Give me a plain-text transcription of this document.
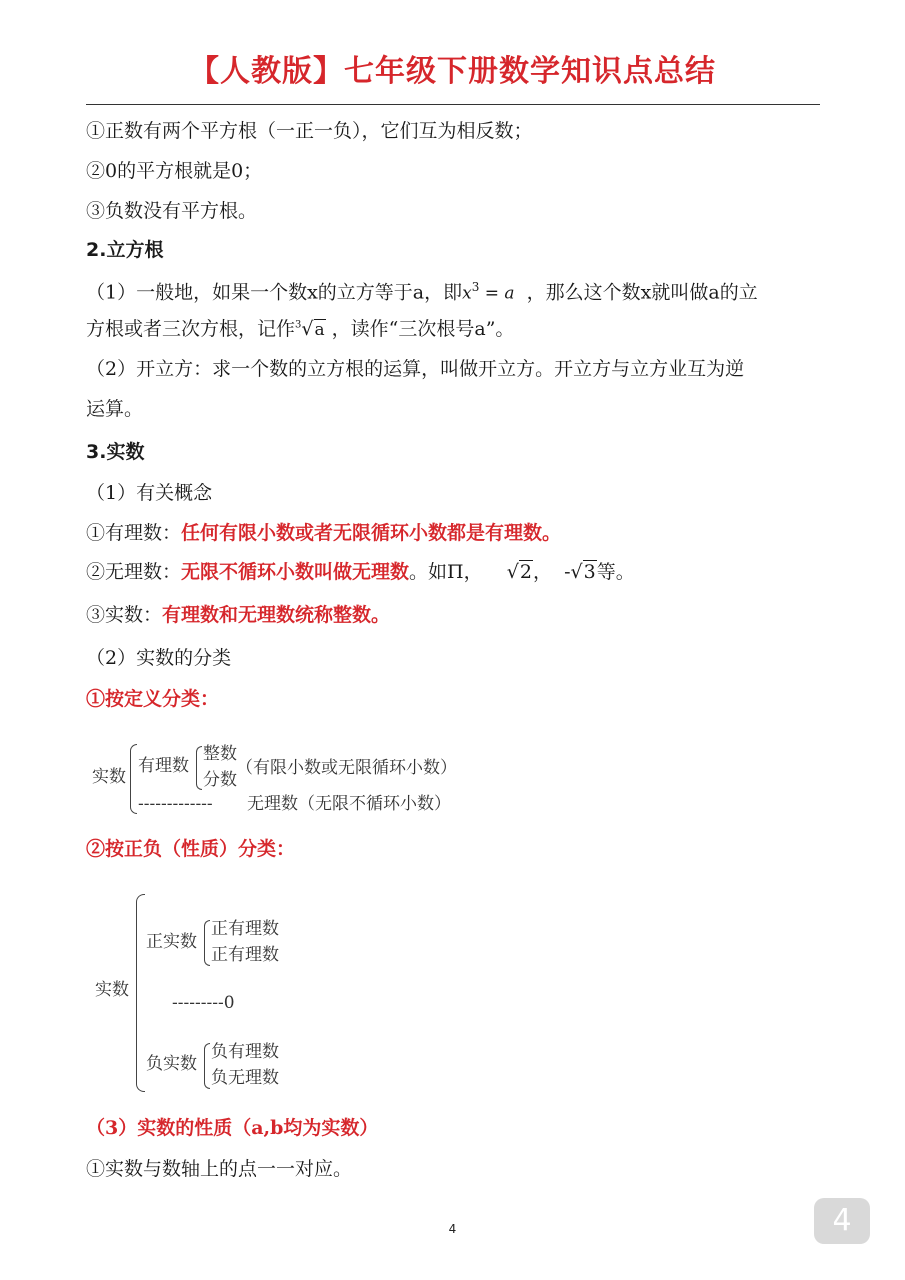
【人教版】七年级下册数学知识点总结
①正数有两个平方根（一正一负），它们互为相反数；
②0的平方根就是0；
③负数没有平方根。
2.立方根
（1）一般地，如果一个数x的立方等于a，即$x^3 = a$ ，那么这个数x就叫做a的立
方根或者三次方根，记作$^3$√a ，读作“三次根号a”。
（2）开立方：求一个数的立方根的运算，叫做开立方。开立方与立方业互为逆
运算。
3.实数
（1）有关概念
①有理数：任何有限小数或者无限循环小数都是有理数。
②无理数：无限不循环小数叫做无理数。如Π， √2， -√3等。
③实数：有理数和无理数统称整数。
（2）实数的分类
①按定义分类：
实数
有理数
整数
分数
（有限小数或无限循环小数）
------------- 无理数（无限不循环小数）
②按正负（性质）分类：
实数
正实数
正有理数
正有理数
---------0
负实数
负有理数
负无理数
（3）实数的性质（a,b均为实数）
①实数与数轴上的点一一对应。
4	4
